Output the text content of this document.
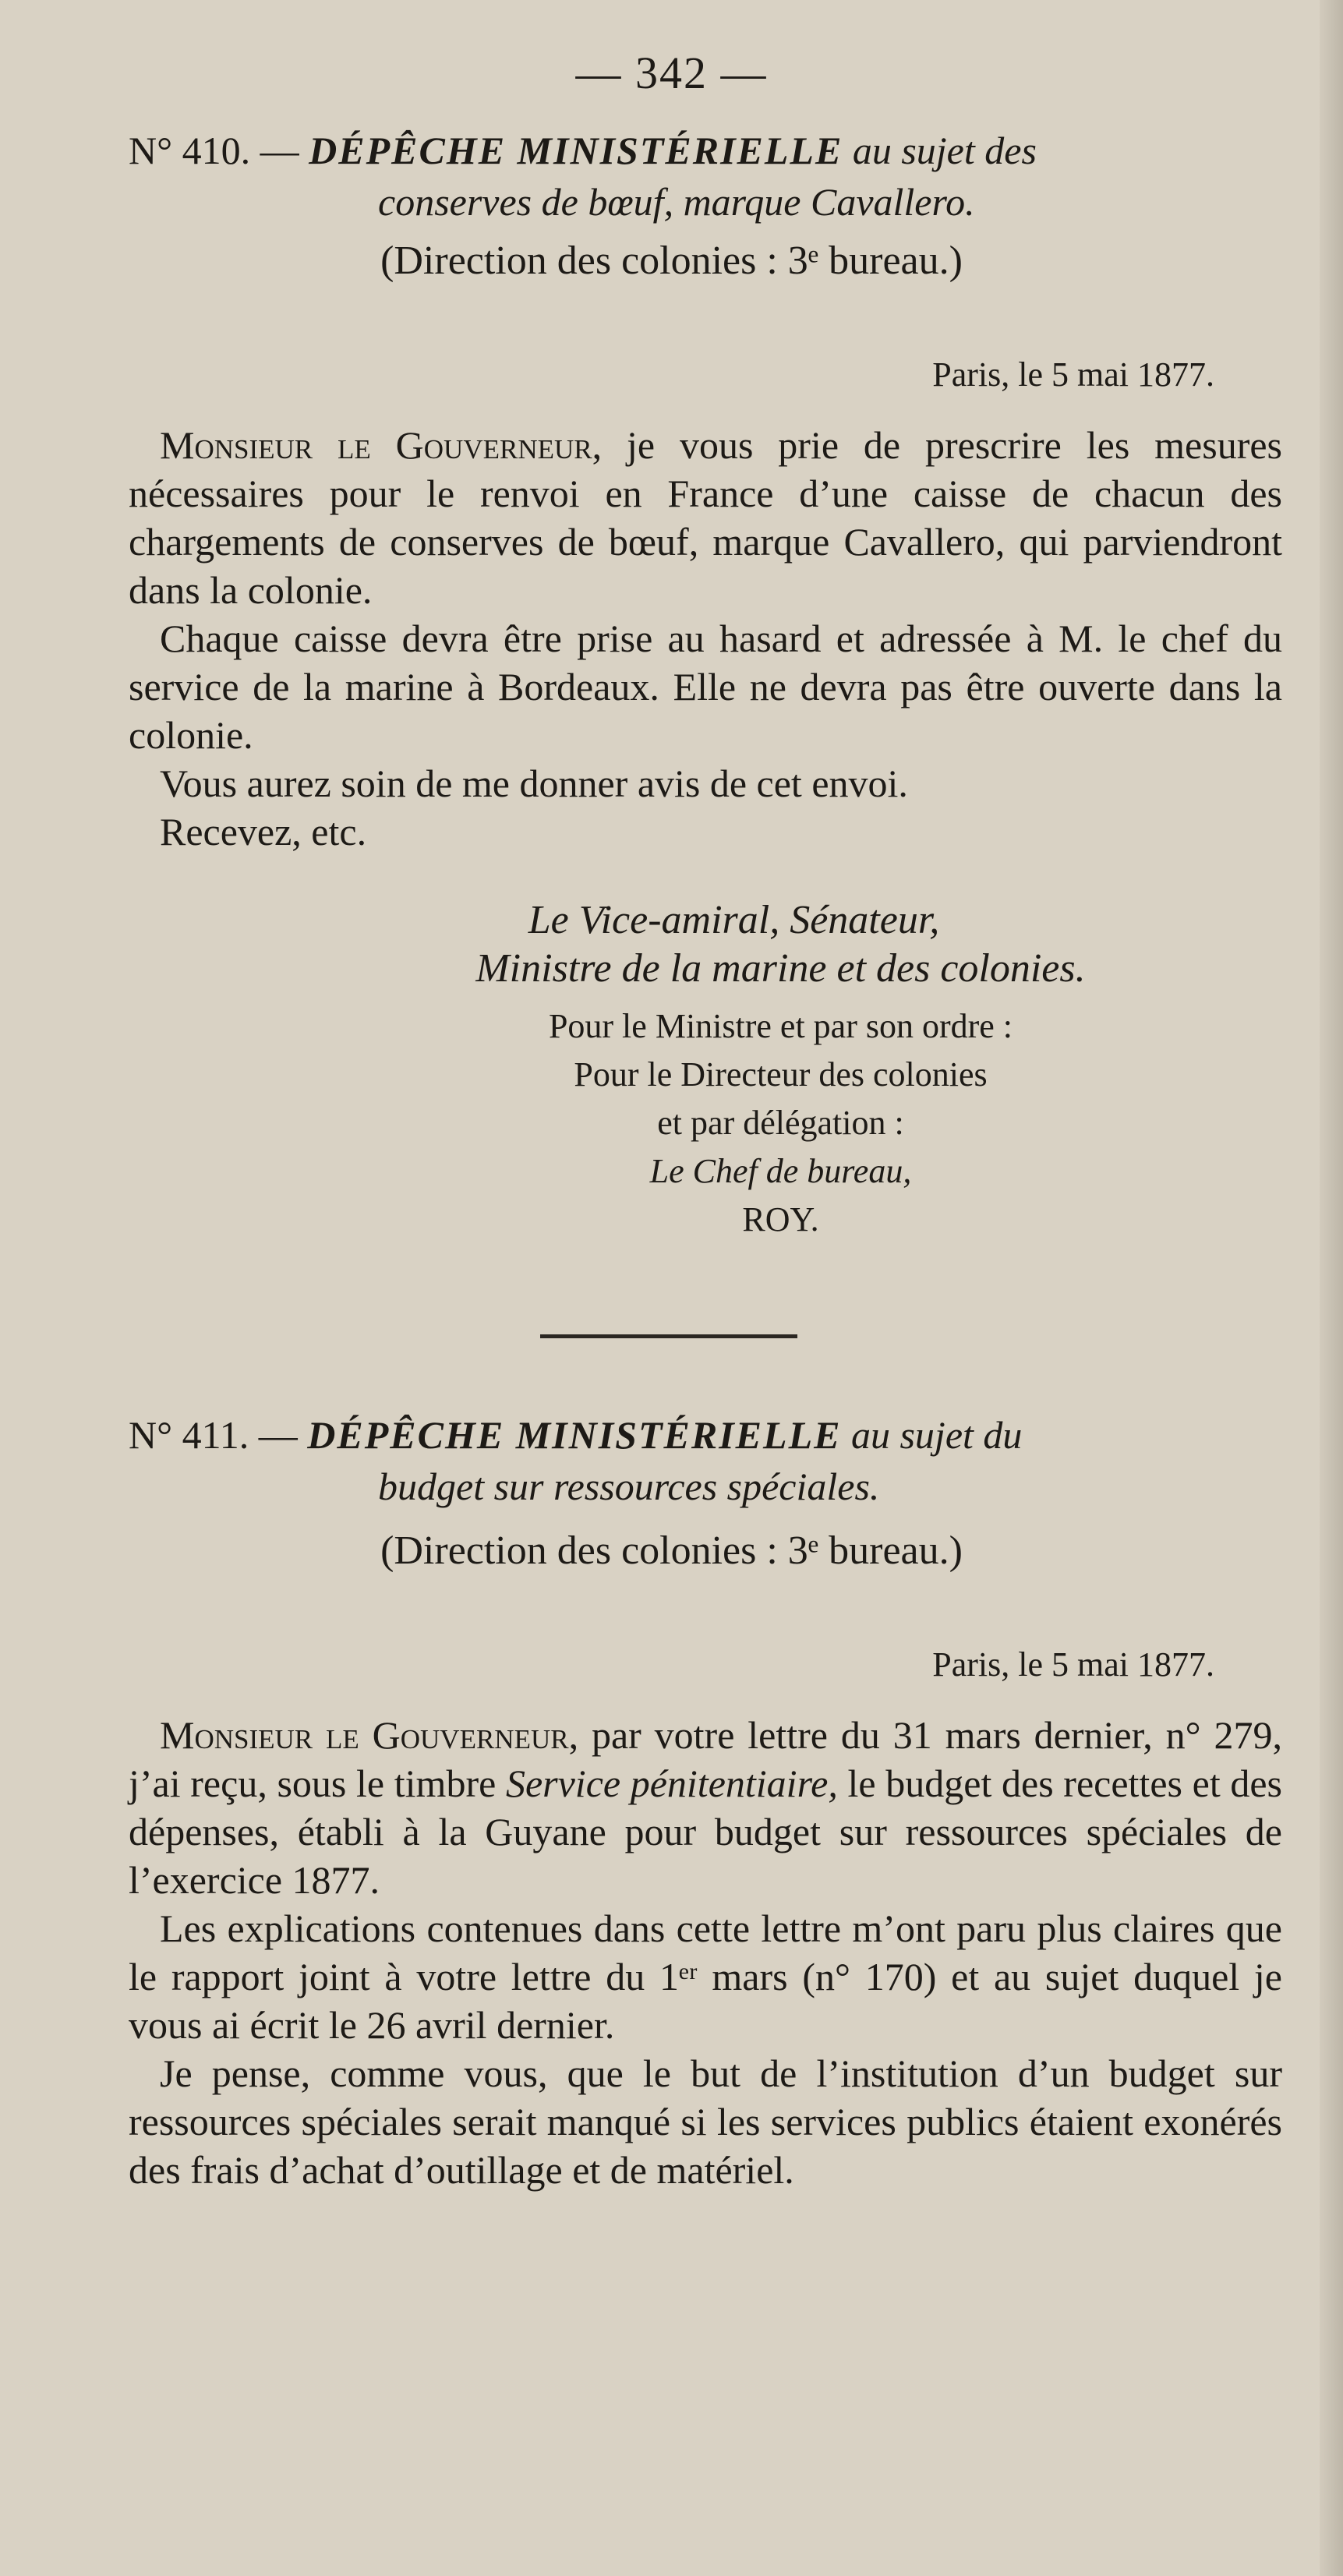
— 342 —
N° 410. — DÉPÊCHE MINISTÉRIELLE au sujet des
conserves de bœuf, marque Cavallero.
(Direction des colonies : 3ᵉ bureau.)
Paris, le 5 mai 1877.

Monsieur le Gouverneur, je vous prie de prescrire les mesures nécessaires pour le renvoi en France d’une caisse de chacun des chargements de conserves de bœuf, marque Cavallero, qui parviendront dans la colonie.

Chaque caisse devra être prise au hasard et adressée à M. le chef du service de la marine à Bordeaux. Elle ne devra pas être ouverte dans la colonie.

Vous aurez soin de me donner avis de cet envoi.

Recevez, etc.

Le Vice-amiral, Sénateur,
Ministre de la marine et des colonies.
Pour le Ministre et par son ordre :
Pour le Directeur des colonies
et par délégation :
Le Chef de bureau,
ROY.
N° 411. — DÉPÊCHE MINISTÉRIELLE au sujet du
budget sur ressources spéciales.
(Direction des colonies : 3ᵉ bureau.)
Paris, le 5 mai 1877.

Monsieur le Gouverneur, par votre lettre du 31 mars dernier, n° 279, j’ai reçu, sous le timbre Service pénitentiaire, le budget des recettes et des dépenses, établi à la Guyane pour budget sur ressources spéciales de l’exercice 1877.

Les explications contenues dans cette lettre m’ont paru plus claires que le rapport joint à votre lettre du 1ᵉʳ mars (n° 170) et au sujet duquel je vous ai écrit le 26 avril dernier.

Je pense, comme vous, que le but de l’institution d’un budget sur ressources spéciales serait manqué si les services publics étaient exonérés des frais d’achat d’outillage et de matériel.
